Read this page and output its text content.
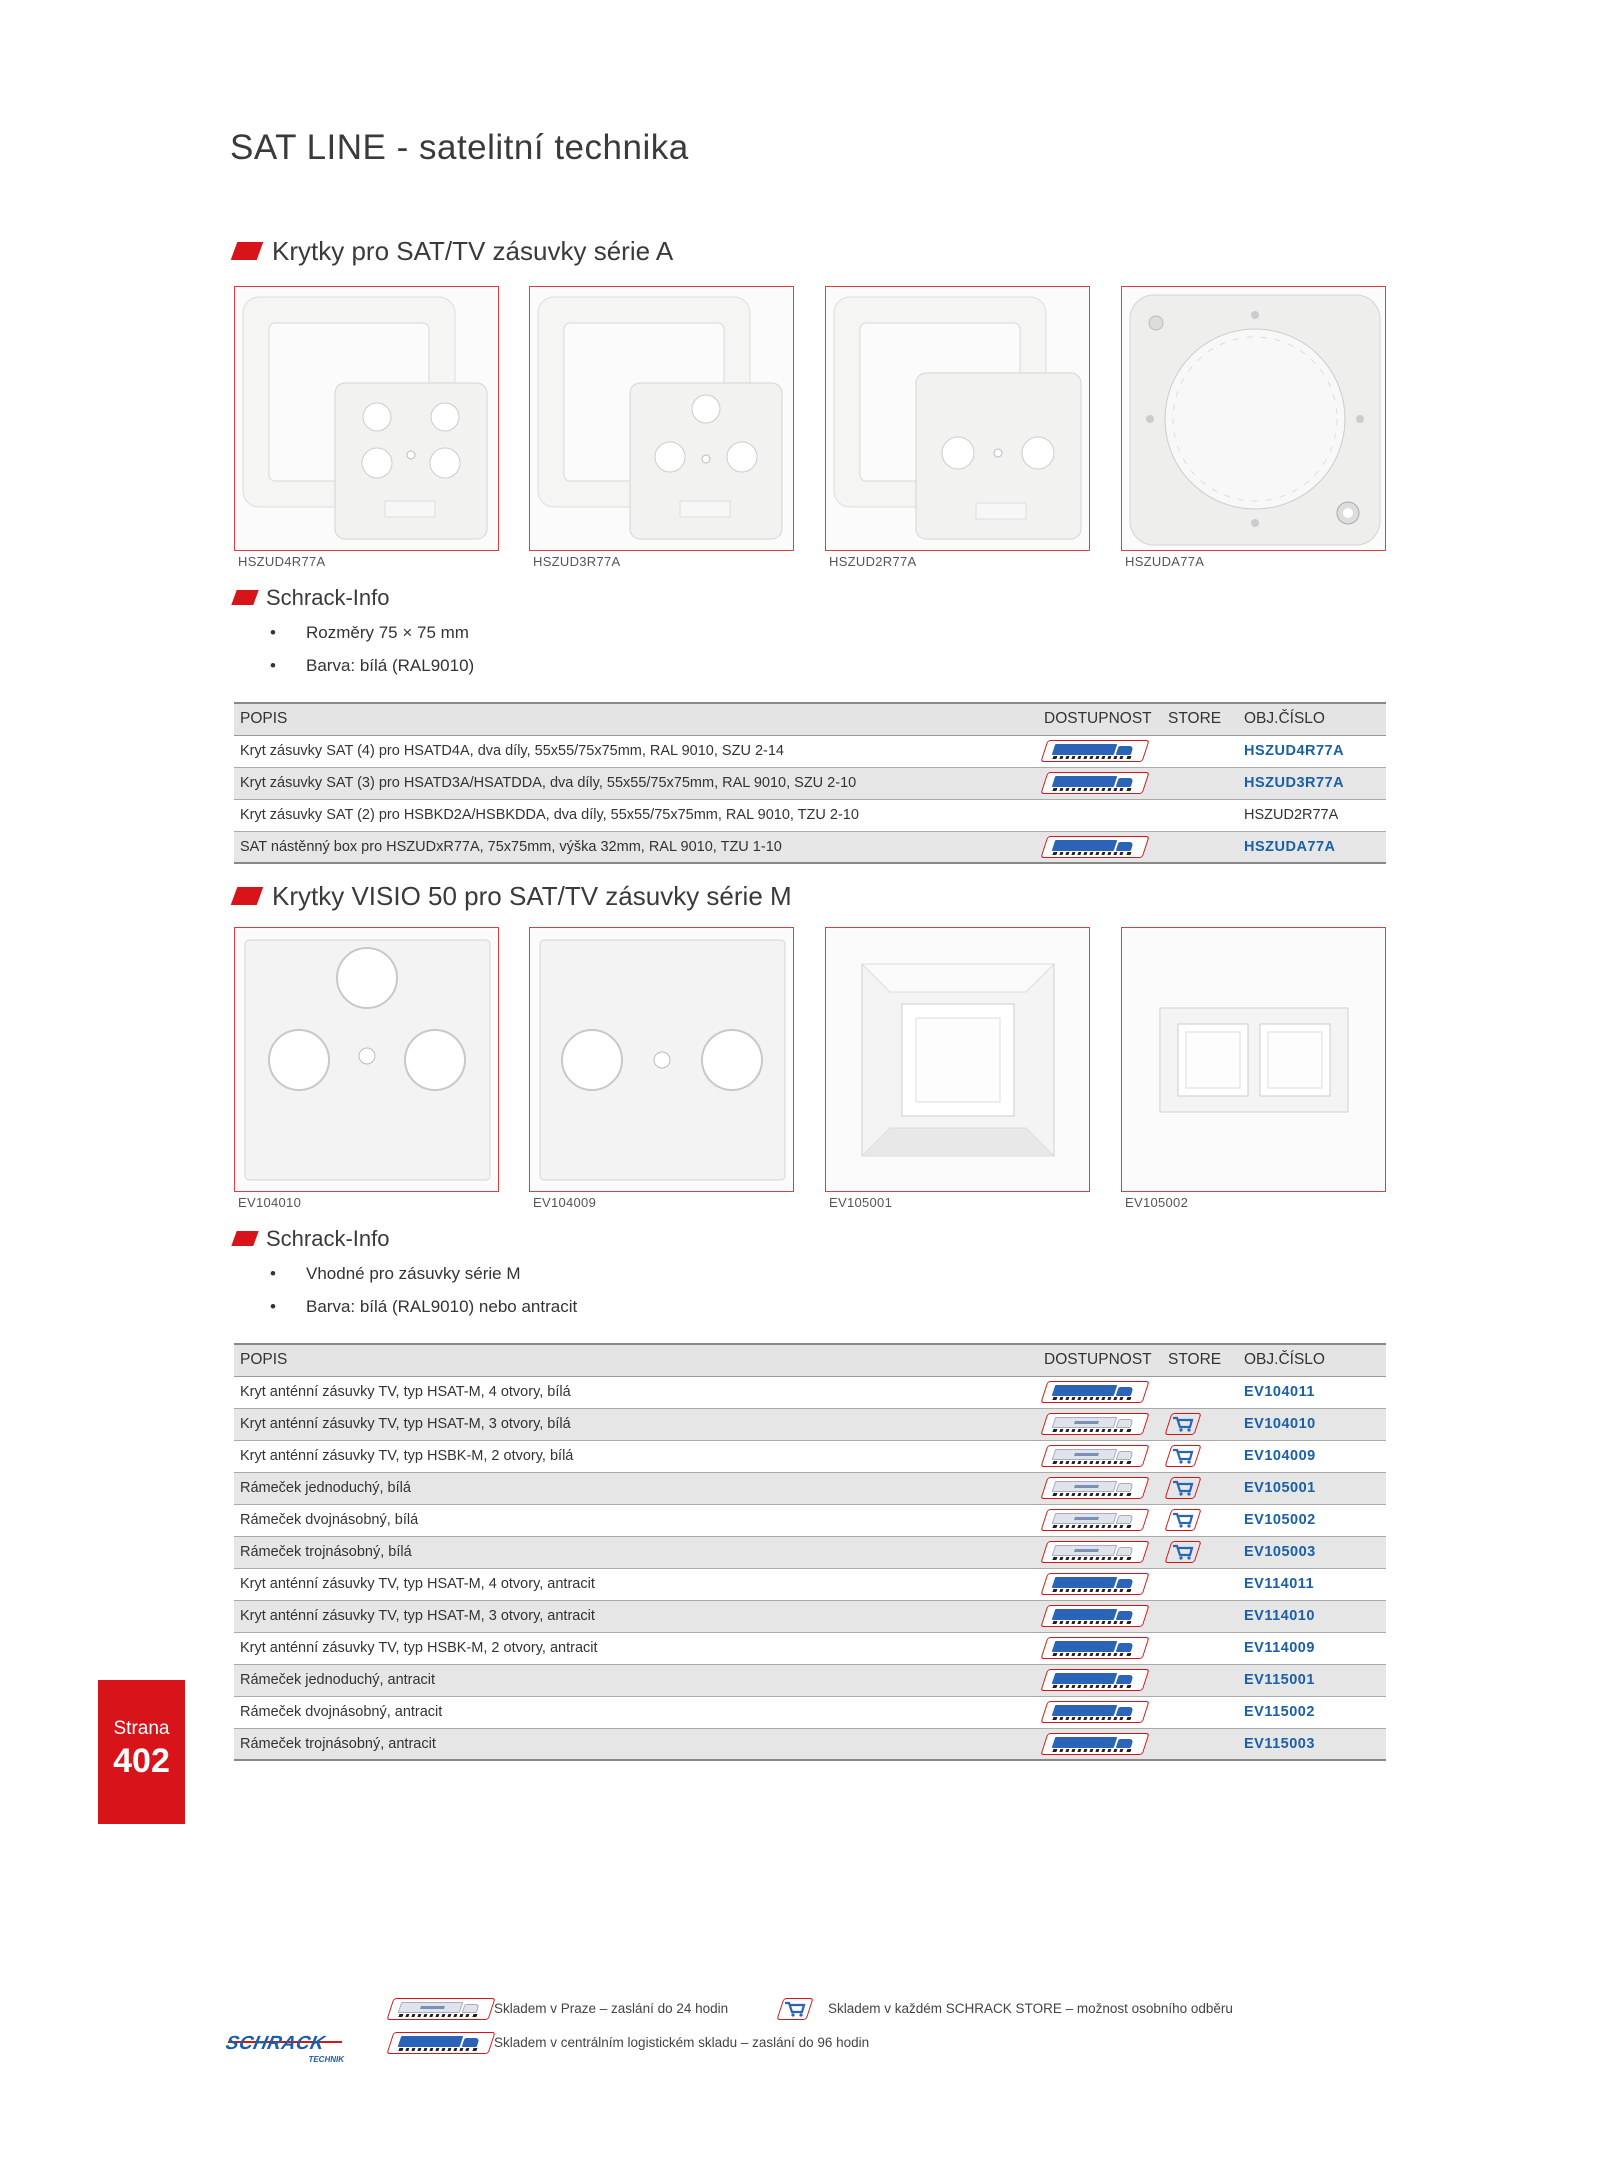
SAT LINE - satelitní technika
Krytky pro SAT/TV zásuvky série A
HSZUD4R77A	HSZUD3R77A	HSZUD2R77A	HSZUDA77A
Schrack-Info
• Rozměry 75 × 75 mm
• Barva: bílá (RAL9010)
POPIS	DOSTUPNOST	STORE	OBJ.ČÍSLO
Kryt zásuvky SAT (4) pro HSATD4A, dva díly, 55x55/75x75mm, RAL 9010, SZU 2-14			HSZUD4R77A
Kryt zásuvky SAT (3) pro HSATD3A/HSATDDA, dva díly, 55x55/75x75mm, RAL 9010, SZU 2-10			HSZUD3R77A
Kryt zásuvky SAT (2) pro HSBKD2A/HSBKDDA, dva díly, 55x55/75x75mm, RAL 9010, TZU 2-10			HSZUD2R77A
SAT nástěnný box pro HSZUDxR77A, 75x75mm, výška 32mm, RAL 9010, TZU 1-10			HSZUDA77A
Krytky VISIO 50 pro SAT/TV zásuvky série M
EV104010	EV104009	EV105001	EV105002
Schrack-Info
• Vhodné pro zásuvky série M
• Barva: bílá (RAL9010) nebo antracit
POPIS	DOSTUPNOST	STORE	OBJ.ČÍSLO
Kryt anténní zásuvky TV, typ HSAT-M, 4 otvory, bílá			EV104011
Kryt anténní zásuvky TV, typ HSAT-M, 3 otvory, bílá			EV104010
Kryt anténní zásuvky TV, typ HSBK-M, 2 otvory, bílá			EV104009
Rámeček jednoduchý, bílá			EV105001
Rámeček dvojnásobný, bílá			EV105002
Rámeček trojnásobný, bílá			EV105003
Kryt anténní zásuvky TV, typ HSAT-M, 4 otvory, antracit			EV114011
Kryt anténní zásuvky TV, typ HSAT-M, 3 otvory, antracit			EV114010
Kryt anténní zásuvky TV, typ HSBK-M, 2 otvory, antracit			EV114009
Rámeček jednoduchý, antracit			EV115001
Rámeček dvojnásobný, antracit			EV115002
Rámeček trojnásobný, antracit			EV115003
Strana
402
Skladem v Praze – zaslání do 24 hodin	Skladem v každém SCHRACK STORE – možnost osobního odběru
Skladem v centrálním logistickém skladu – zaslání do 96 hodin
SCHRACK
TECHNIK
